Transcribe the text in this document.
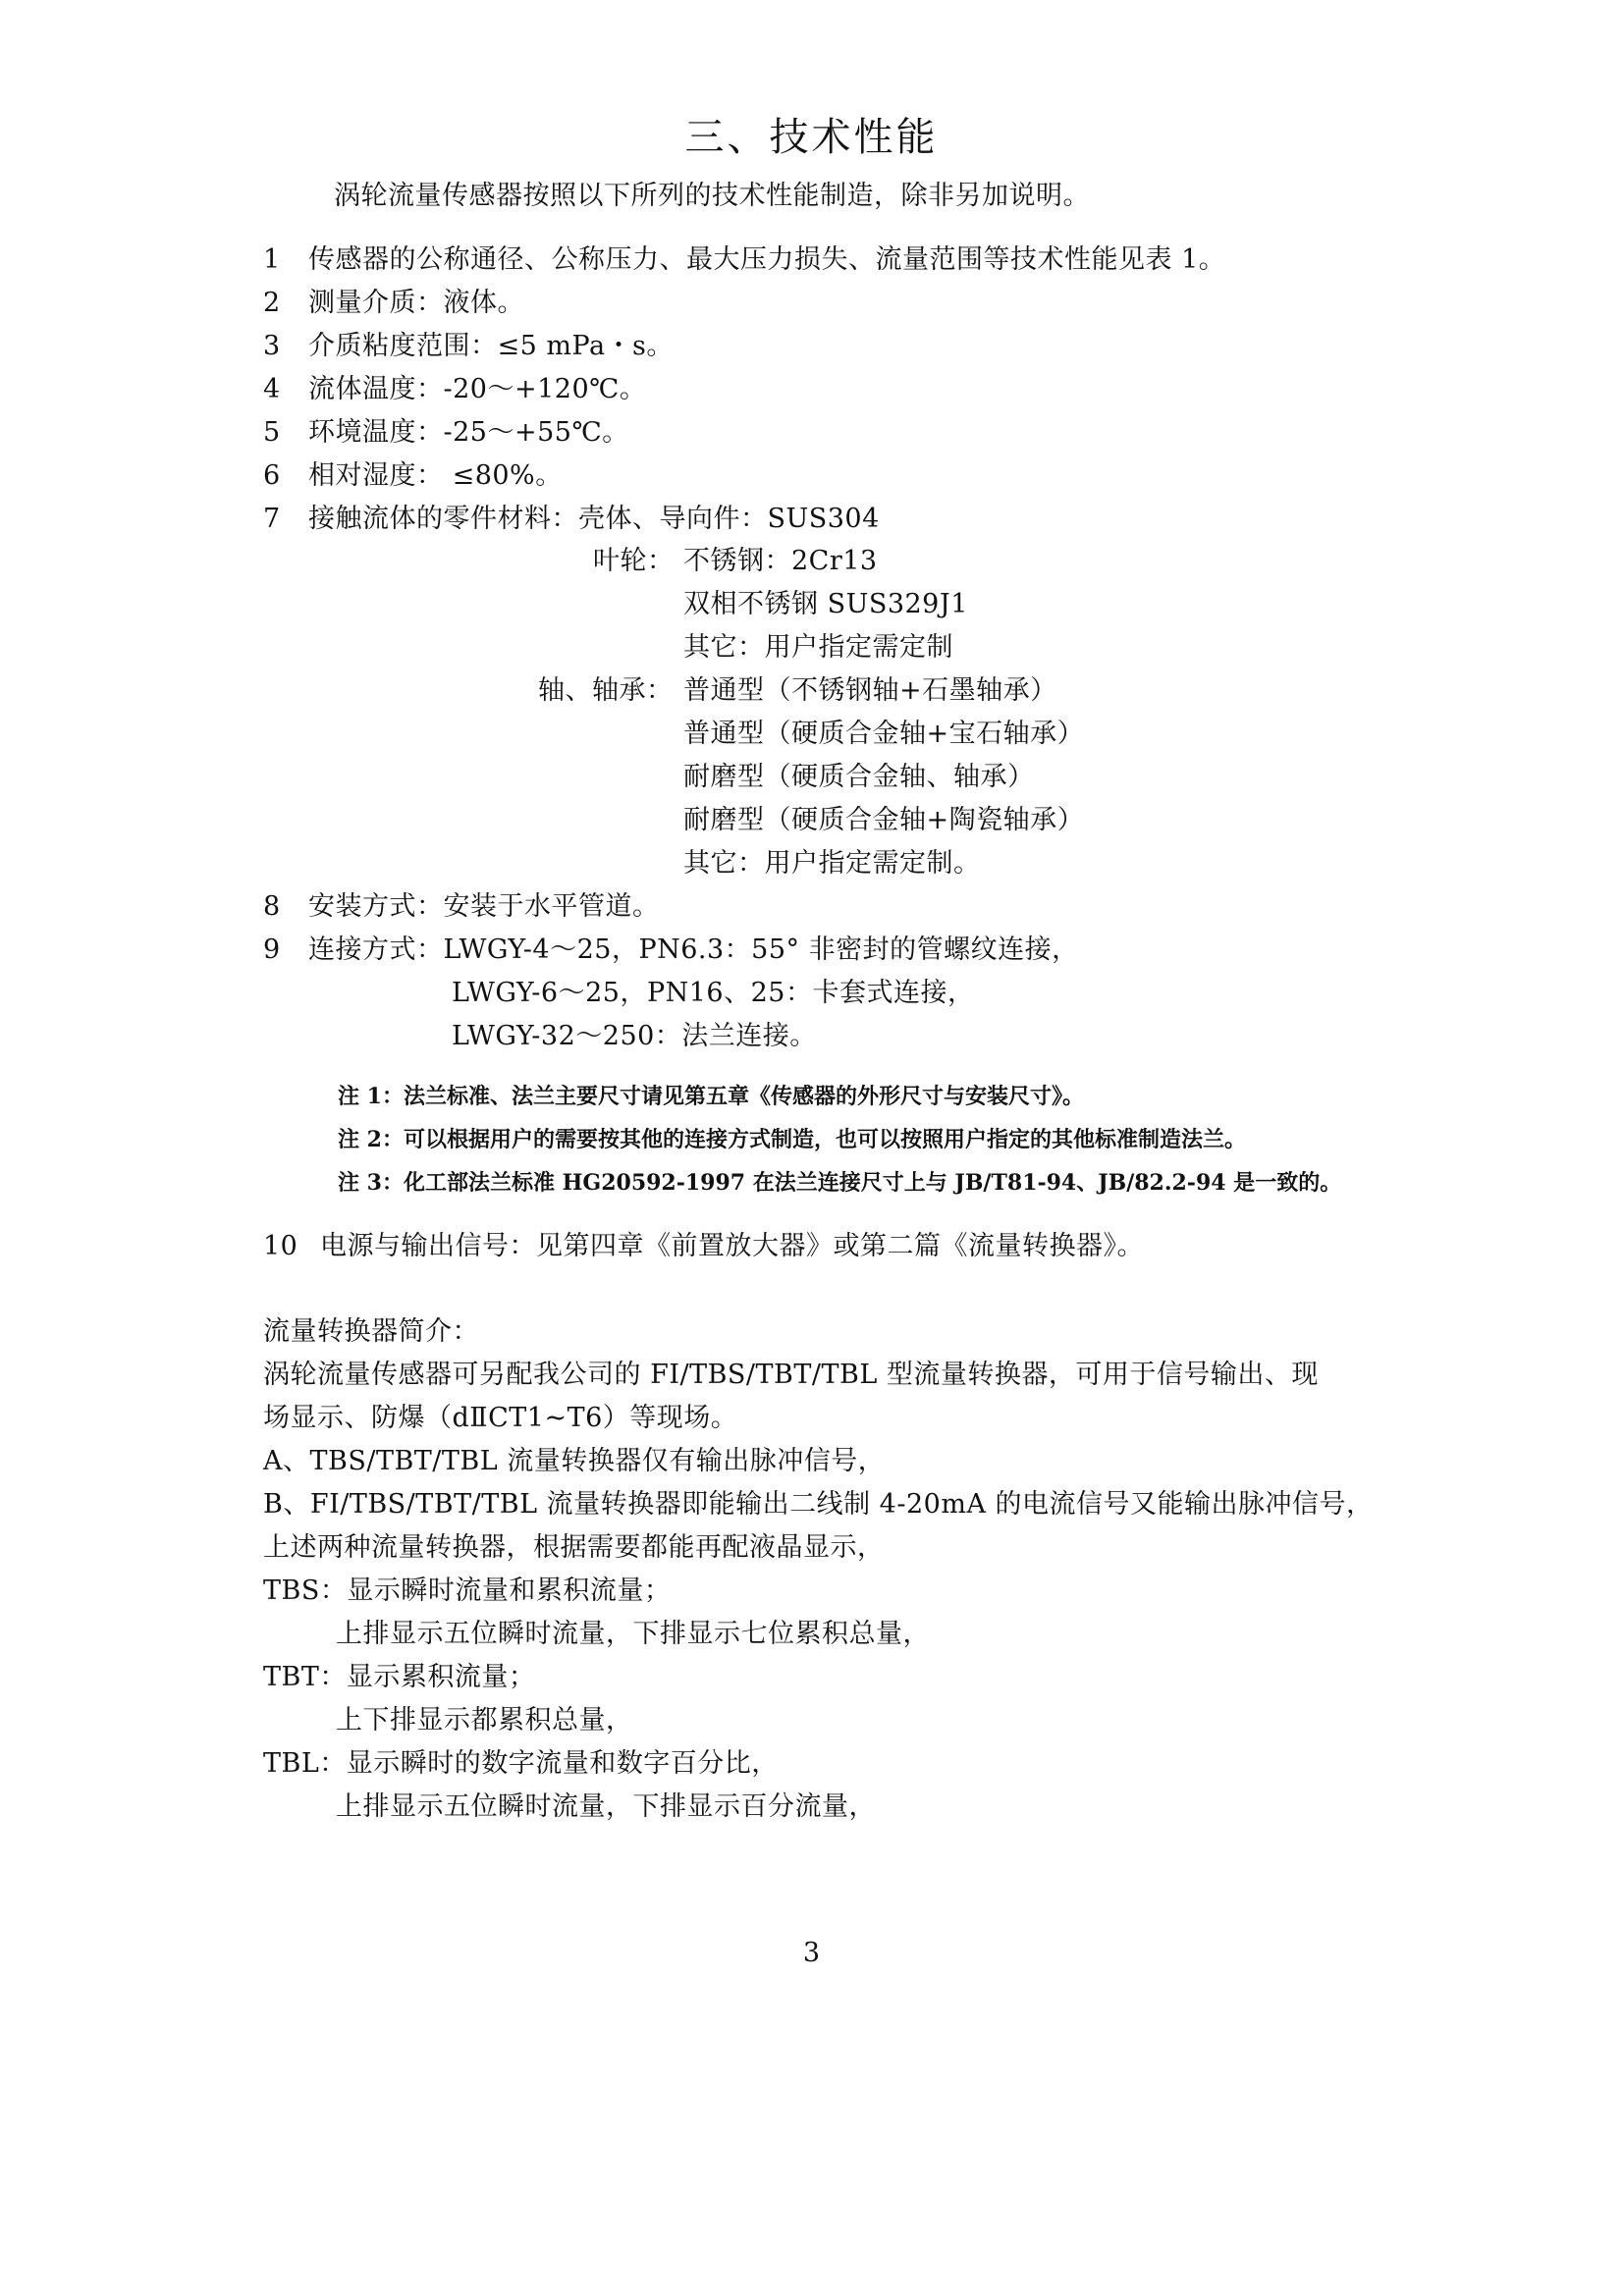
三、技术性能
涡轮流量传感器按照以下所列的技术性能制造，除非另加说明。
1 传感器的公称通径、公称压力、最大压力损失、流量范围等技术性能见表 1。
2 测量介质：液体。
3 介质粘度范围：≤5 mPa・s。
4 流体温度：-20～+120℃。
5 环境温度：-25～+55℃。
6 相对湿度： ≤80%。
7 接触流体的零件材料：壳体、导向件：SUS304
叶轮： 不锈钢：2Cr13
双相不锈钢 SUS329J1
其它：用户指定需定制
轴、轴承： 普通型（不锈钢轴+石墨轴承）
普通型（硬质合金轴+宝石轴承）
耐磨型（硬质合金轴、轴承）
耐磨型（硬质合金轴+陶瓷轴承）
其它：用户指定需定制。
8 安装方式：安装于水平管道。
9 连接方式：LWGY-4～25，PN6.3：55° 非密封的管螺纹连接，
LWGY-6～25，PN16、25：卡套式连接，
LWGY-32～250：法兰连接。
注 1：法兰标准、法兰主要尺寸请见第五章《传感器的外形尺寸与安装尺寸》。
注 2：可以根据用户的需要按其他的连接方式制造，也可以按照用户指定的其他标准制造法兰。
注 3：化工部法兰标准 HG20592-1997 在法兰连接尺寸上与 JB/T81-94、JB/82.2-94 是一致的。
10 电源与输出信号：见第四章《前置放大器》或第二篇《流量转换器》。
流量转换器简介：
涡轮流量传感器可另配我公司的 FI/TBS/TBT/TBL 型流量转换器，可用于信号输出、现
场显示、防爆（dⅡCT1~T6）等现场。
A、TBS/TBT/TBL 流量转换器仅有输出脉冲信号，
B、FI/TBS/TBT/TBL 流量转换器即能输出二线制 4-20mA 的电流信号又能输出脉冲信号，
上述两种流量转换器，根据需要都能再配液晶显示，
TBS：显示瞬时流量和累积流量；
上排显示五位瞬时流量，下排显示七位累积总量，
TBT：显示累积流量；
上下排显示都累积总量，
TBL：显示瞬时的数字流量和数字百分比，
上排显示五位瞬时流量，下排显示百分流量，
3
